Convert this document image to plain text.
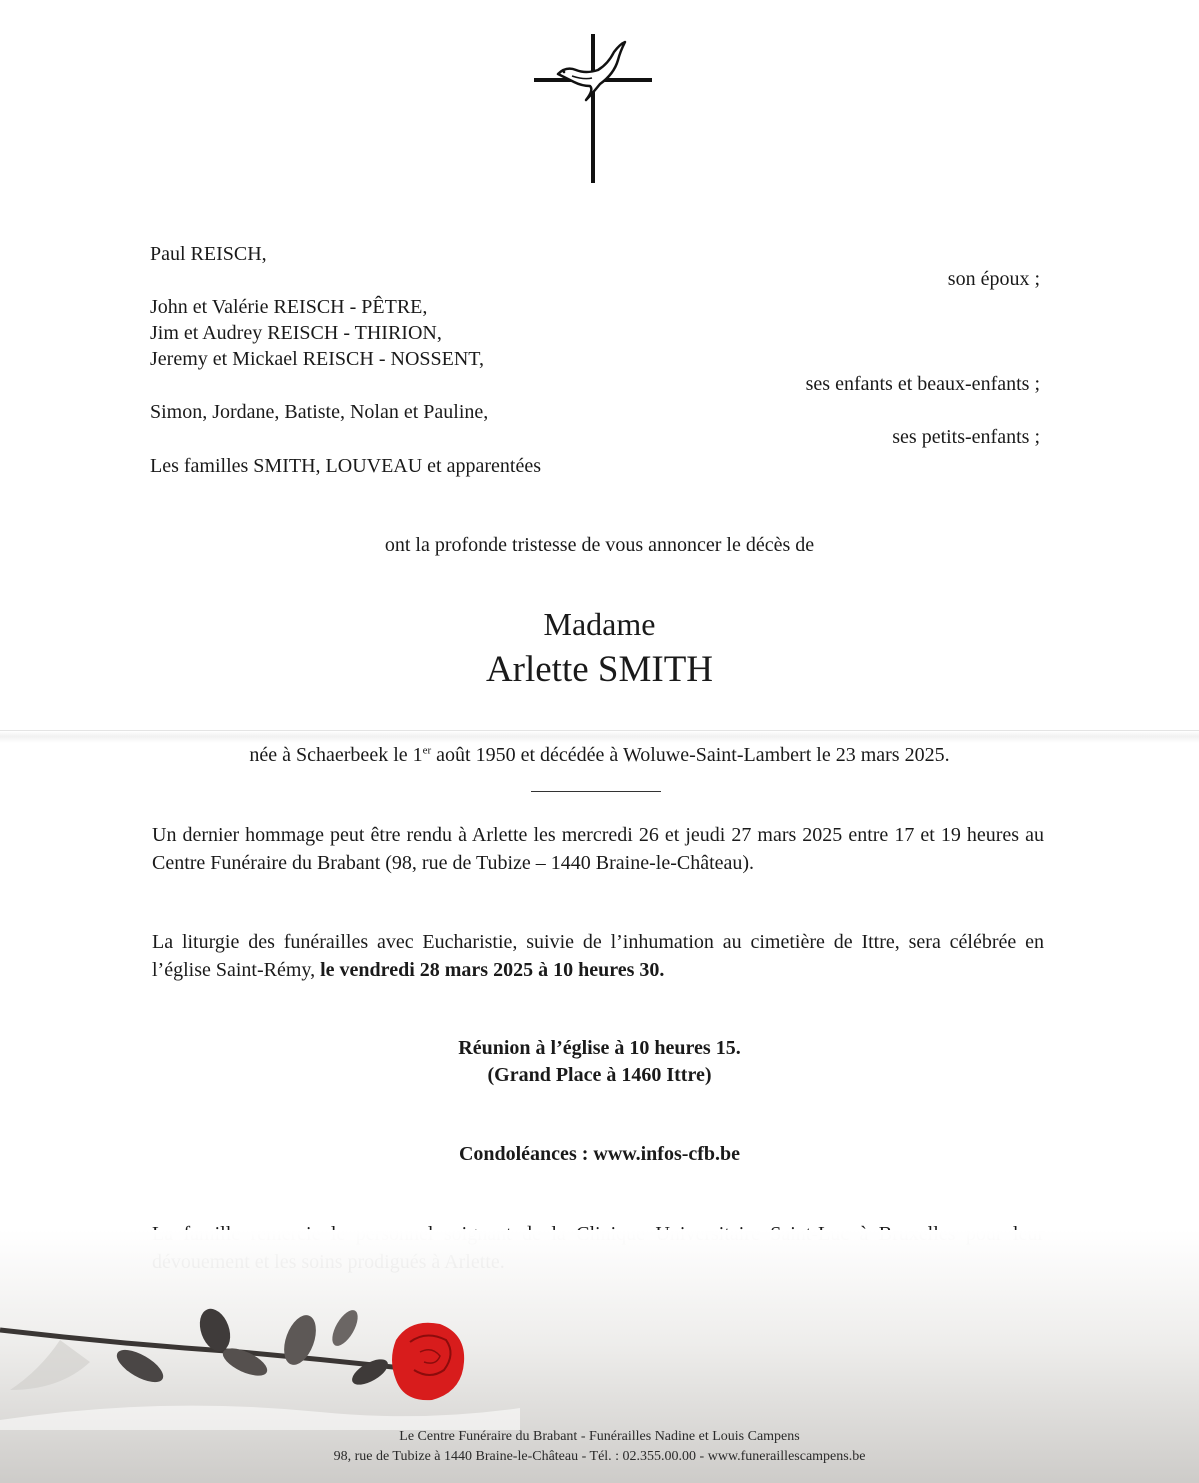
Paul REISCH,
son époux ;
John et Valérie REISCH - PÊTRE,
Jim et Audrey REISCH - THIRION,
Jeremy et Mickael REISCH - NOSSENT,
ses enfants et beaux-enfants ;
Simon, Jordane, Batiste, Nolan et Pauline,
ses petits-enfants ;
Les familles SMITH, LOUVEAU et apparentées
ont la profonde tristesse de vous annoncer le décès de
Madame
Arlette SMITH
née à Schaerbeek le 1er août 1950 et décédée à Woluwe-Saint-Lambert le 23 mars 2025.
Un dernier hommage peut être rendu à Arlette les mercredi 26 et jeudi 27 mars 2025 entre 17 et 19 heures au Centre Funéraire du Brabant (98, rue de Tubize – 1440 Braine-le-Château).
La liturgie des funérailles avec Eucharistie, suivie de l’inhumation au cimetière de Ittre, sera célébrée en l’église Saint-Rémy, le vendredi 28 mars 2025 à 10 heures 30.
Réunion à l’église à 10 heures 15.
(Grand Place à 1460 Ittre)
Condoléances : www.infos-cfb.be
Le Centre Funéraire du Brabant - Funérailles Nadine et Louis Campens
98, rue de Tubize à 1440 Braine-le-Château - Tél. : 02.355.00.00 - www.funeraillescampens.be
